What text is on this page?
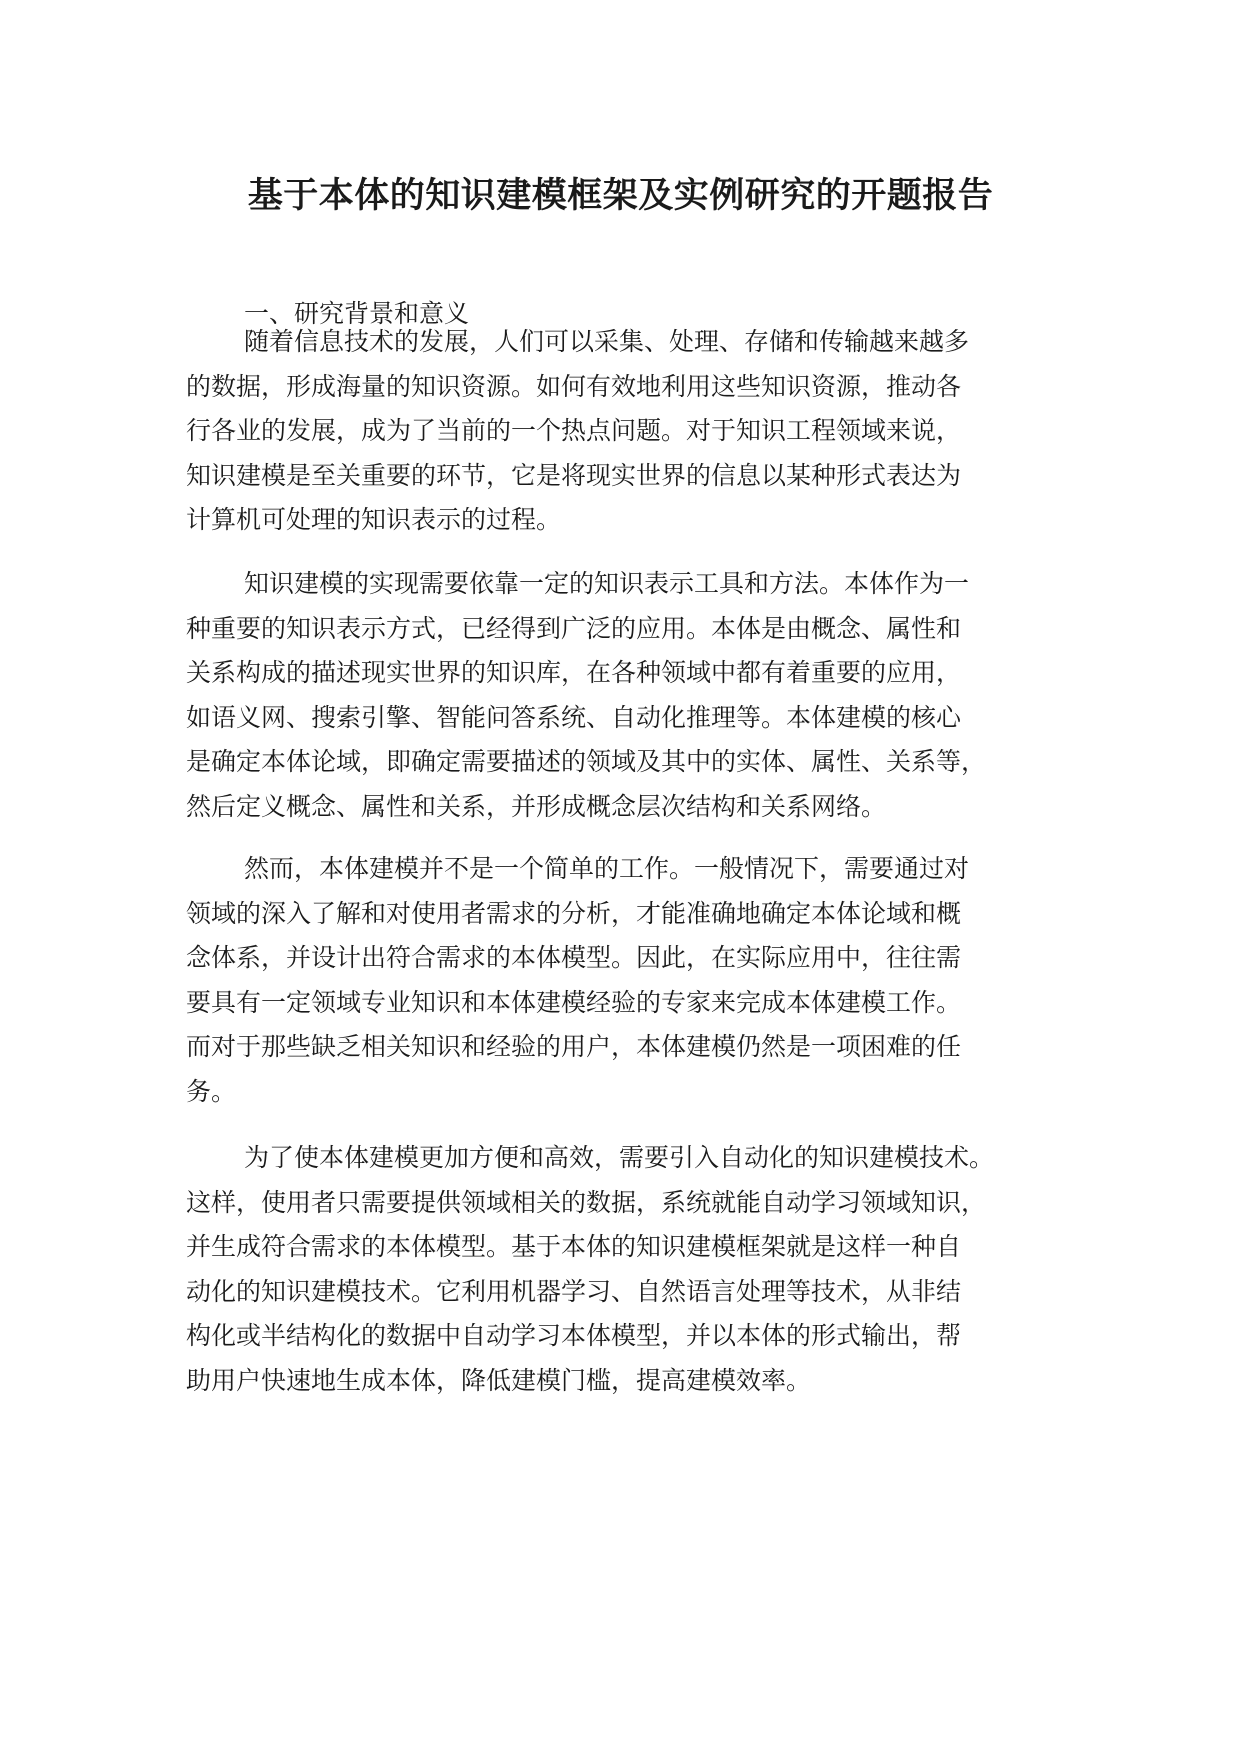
基于本体的知识建模框架及实例研究的开题报告
一、研究背景和意义

随着信息技术的发展，人们可以采集、处理、存储和传输越来越多
的数据，形成海量的知识资源。如何有效地利用这些知识资源，推动各
行各业的发展，成为了当前的一个热点问题。对于知识工程领域来说，
知识建模是至关重要的环节，它是将现实世界的信息以某种形式表达为
计算机可处理的知识表示的过程。

知识建模的实现需要依靠一定的知识表示工具和方法。本体作为一
种重要的知识表示方式，已经得到广泛的应用。本体是由概念、属性和
关系构成的描述现实世界的知识库，在各种领域中都有着重要的应用，
如语义网、搜索引擎、智能问答系统、自动化推理等。本体建模的核心
是确定本体论域，即确定需要描述的领域及其中的实体、属性、关系等，
然后定义概念、属性和关系，并形成概念层次结构和关系网络。

然而，本体建模并不是一个简单的工作。一般情况下，需要通过对
领域的深入了解和对使用者需求的分析，才能准确地确定本体论域和概
念体系，并设计出符合需求的本体模型。因此，在实际应用中，往往需
要具有一定领域专业知识和本体建模经验的专家来完成本体建模工作。
而对于那些缺乏相关知识和经验的用户，本体建模仍然是一项困难的任
务。

为了使本体建模更加方便和高效，需要引入自动化的知识建模技术。
这样，使用者只需要提供领域相关的数据，系统就能自动学习领域知识，
并生成符合需求的本体模型。基于本体的知识建模框架就是这样一种自
动化的知识建模技术。它利用机器学习、自然语言处理等技术，从非结
构化或半结构化的数据中自动学习本体模型，并以本体的形式输出，帮
助用户快速地生成本体，降低建模门槛，提高建模效率。
